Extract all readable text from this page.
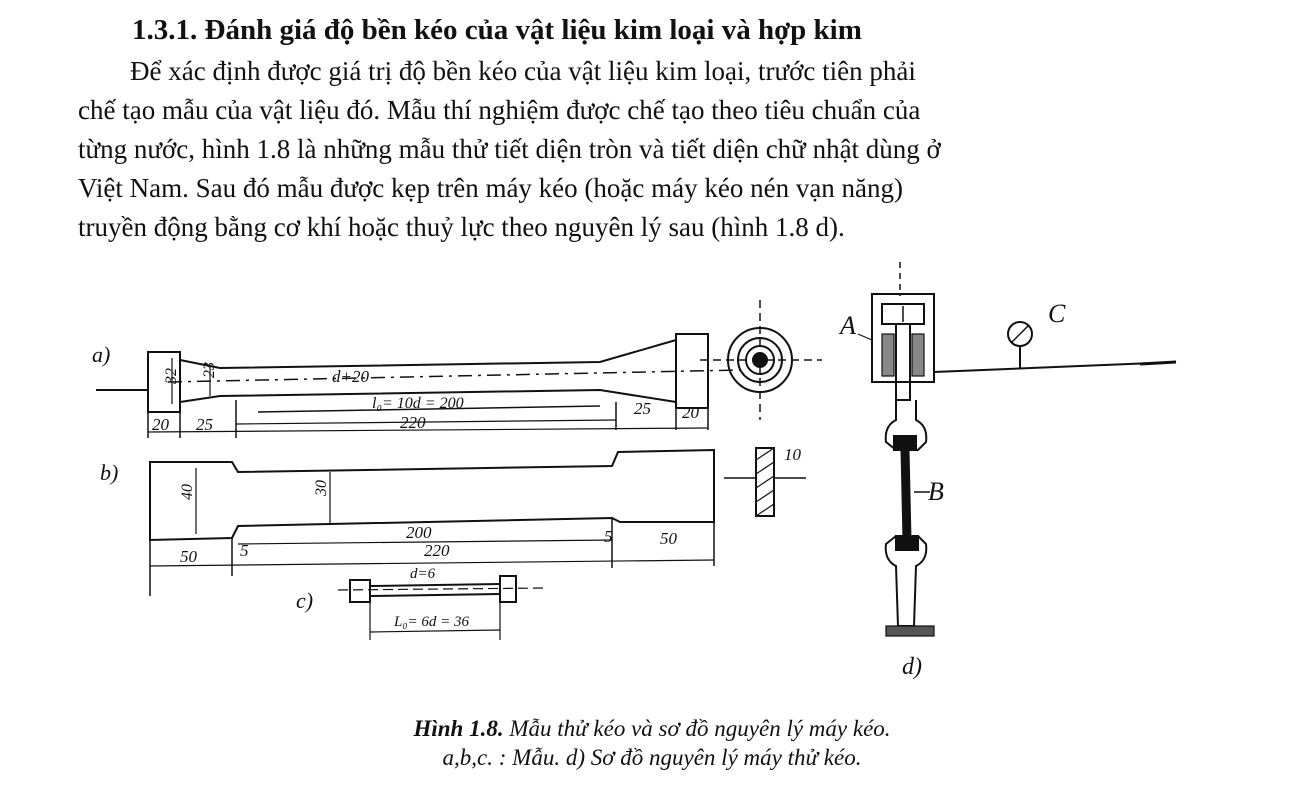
1.3.1. Đánh giá độ bền kéo của vật liệu kim loại và hợp kim
Để xác định được giá trị độ bền kéo của vật liệu kim loại, trước tiên phải
chế tạo mẫu của vật liệu đó. Mẫu thí nghiệm được chế tạo theo tiêu chuẩn của
từng nước, hình 1.8 là những mẫu thử tiết diện tròn và tiết diện chữ nhật dùng ở
Việt Nam. Sau đó mẫu được kẹp trên máy kéo (hoặc máy kéo nén vạn năng)
truyền động bằng cơ khí hoặc thuỷ lực theo nguyên lý sau (hình 1.8 d).
a)
32 23	d+20
l₀= 10d = 200
220
20 25
25 20
b)
40	30
200
220
5
5
50
50
10
c)
d=6
L₀= 6d = 36
A
B
C
d)
Hình 1.8. Mẫu thử kéo và sơ đồ nguyên lý máy kéo.
a,b,c. : Mẫu. d) Sơ đồ nguyên lý máy thử kéo.
